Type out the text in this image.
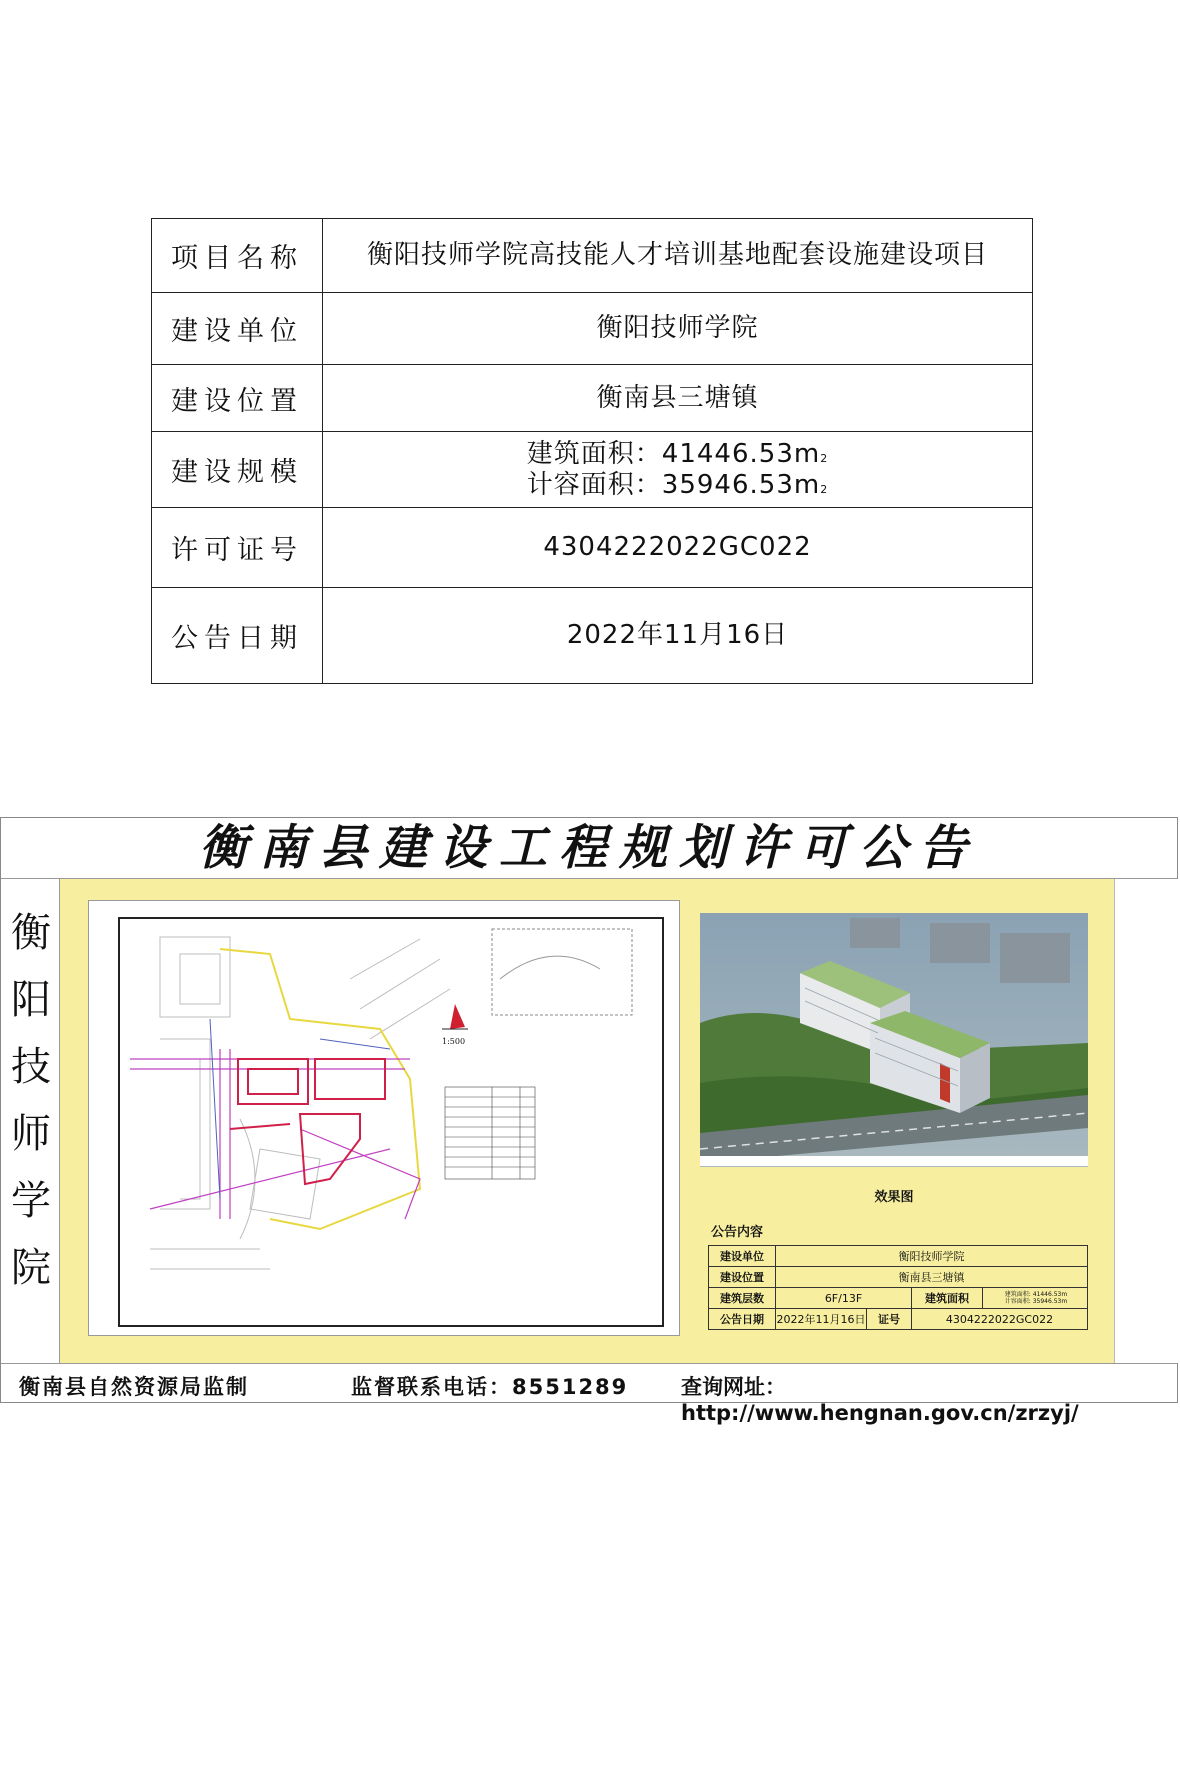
项目名称	衡阳技师学院高技能人才培训基地配套设施建设项目
建设单位	衡阳技师学院
建设位置	衡南县三塘镇
建设规模	建筑面积：$41446.53m^2$
计容面积：$35946.53m^2$

许可证号	4304222022GC022
公告日期	2022年11月16日
衡南县建设工程规划许可公告
衡
阳
技
师
学
院
衡南县自然资源局监制	监督联系电话：8551289	查询网址：http://www.hengnan.gov.cn/zrzyj/
1:500
效果图
公告内容
建设单位	衡阳技师学院			
建设位置	衡南县三塘镇			
建筑层数	6F/13F		建筑面积	建筑面积: 41446.53m
计容面积: 35946.53m

公告日期	2022年11月16日	证号	4304222022GC022	
